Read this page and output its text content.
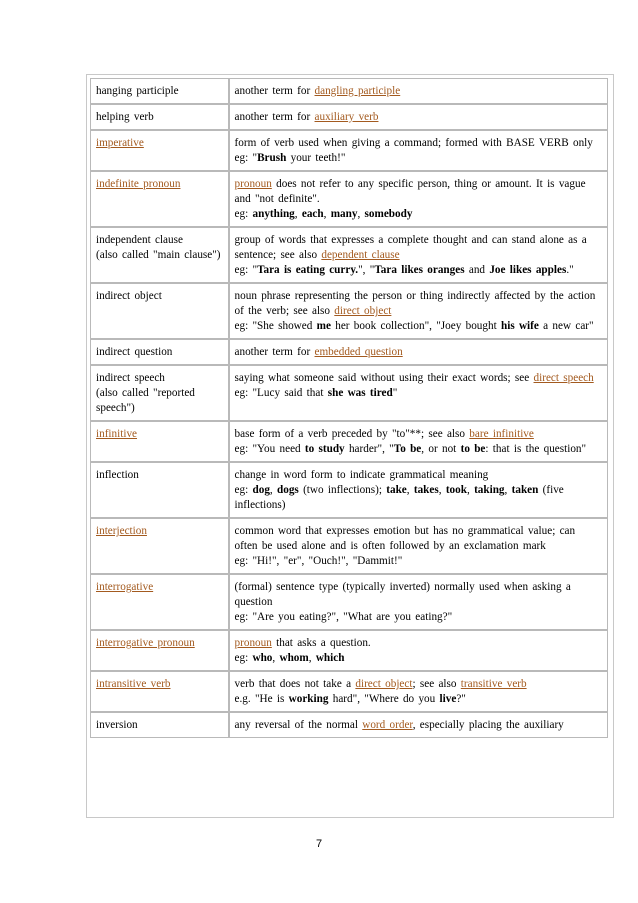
hanging participle	another term for dangling participle
helping verb	another term for auxiliary verb
imperative	form of verb used when giving a command; formed with BASE VERB only
eg: "Brush your teeth!"
indefinite pronoun	pronoun does not refer to any specific person, thing or amount. It is vague and "not definite".
eg: anything, each, many, somebody
independent clause
(also called "main clause")	group of words that expresses a complete thought and can stand alone as a sentence; see also dependent clause
eg: "Tara is eating curry.", "Tara likes oranges and Joe likes apples."
indirect object	noun phrase representing the person or thing indirectly affected by the action of the verb; see also direct object
eg: "She showed me her book collection", "Joey bought his wife a new car"
indirect question	another term for embedded question
indirect speech
(also called "reported speech")	saying what someone said without using their exact words; see direct speech
eg: "Lucy said that she was tired"
infinitive	base form of a verb preceded by "to"**; see also bare infinitive
eg: "You need to study harder", "To be, or not to be: that is the question"
inflection	change in word form to indicate grammatical meaning
eg: dog, dogs (two inflections); take, takes, took, taking, taken (five inflections)
interjection	common word that expresses emotion but has no grammatical value; can often be used alone and is often followed by an exclamation mark
eg: "Hi!", "er", "Ouch!", "Dammit!"
interrogative	(formal) sentence type (typically inverted) normally used when asking a question
eg: "Are you eating?", "What are you eating?"
interrogative pronoun	pronoun that asks a question.
eg: who, whom, which
intransitive verb	verb that does not take a direct object; see also transitive verb
e.g. "He is working hard", "Where do you live?"
inversion	any reversal of the normal word order, especially placing the auxiliary
7
